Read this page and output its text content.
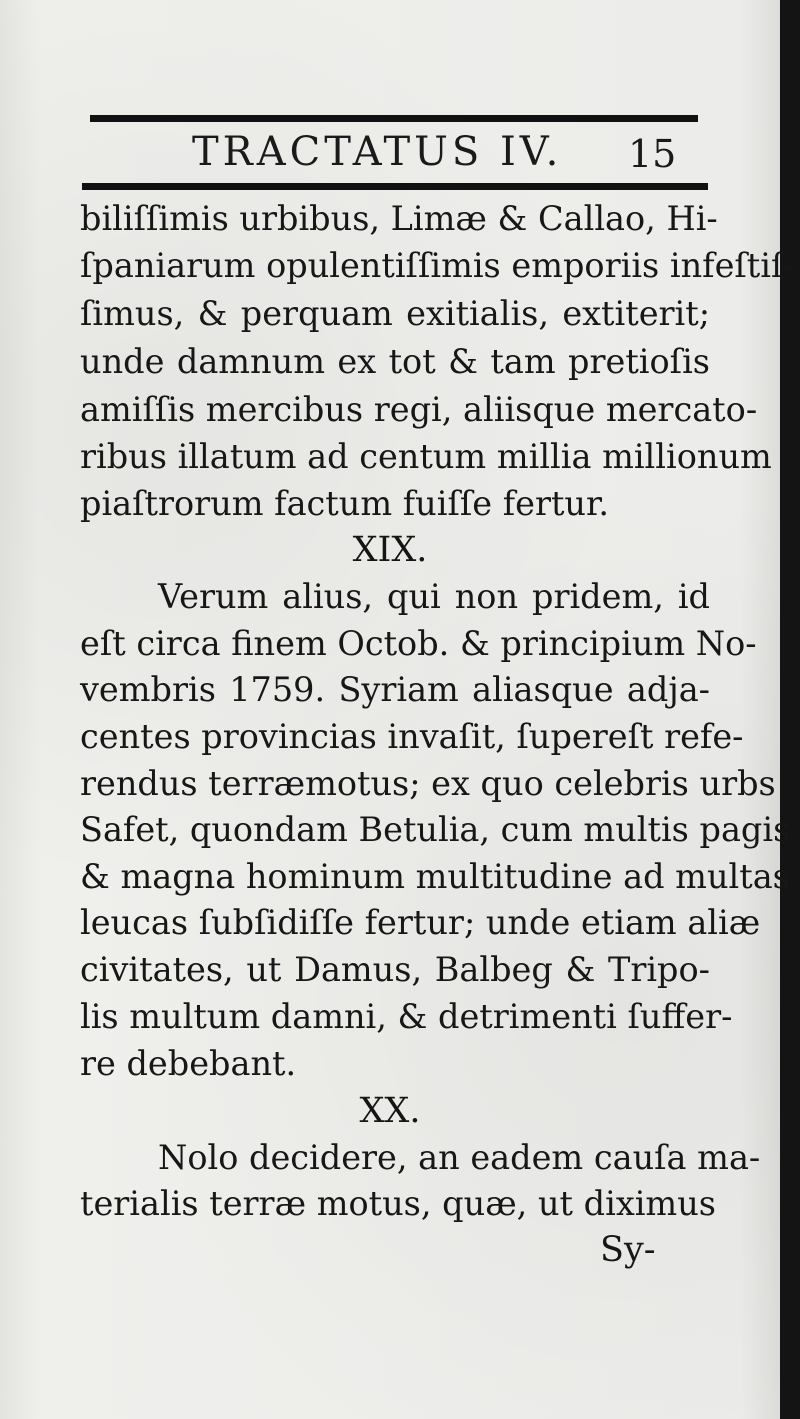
TRACTATUS IV. 15
biliſſimis urbibus, Limæ & Callao, Hi-
ſpaniarum opulentiſſimis emporiis infeſtiſ-
ſimus, & perquam exitialis, extiterit;
unde damnum ex tot & tam pretioſis
amiſſis mercibus regi, aliisque mercato-
ribus illatum ad centum millia millionum
piaſtrorum factum fuiſſe fertur.
XIX.
Verum alius, qui non pridem, id
eſt circa finem Octob. & principium No-
vembris 1759. Syriam aliasque adja-
centes provincias invaſit, ſupereſt refe-
rendus terræmotus; ex quo celebris urbs
Safet, quondam Betulia, cum multis pagis
& magna hominum multitudine ad multas
leucas ſubſidiſſe fertur; unde etiam aliæ
civitates, ut Damus, Balbeg & Tripo-
lis multum damni, & detrimenti ſuffer-
re debebant.
XX.
Nolo decidere, an eadem cauſa ma-
terialis terræ motus, quæ, ut diximus
Sy-
